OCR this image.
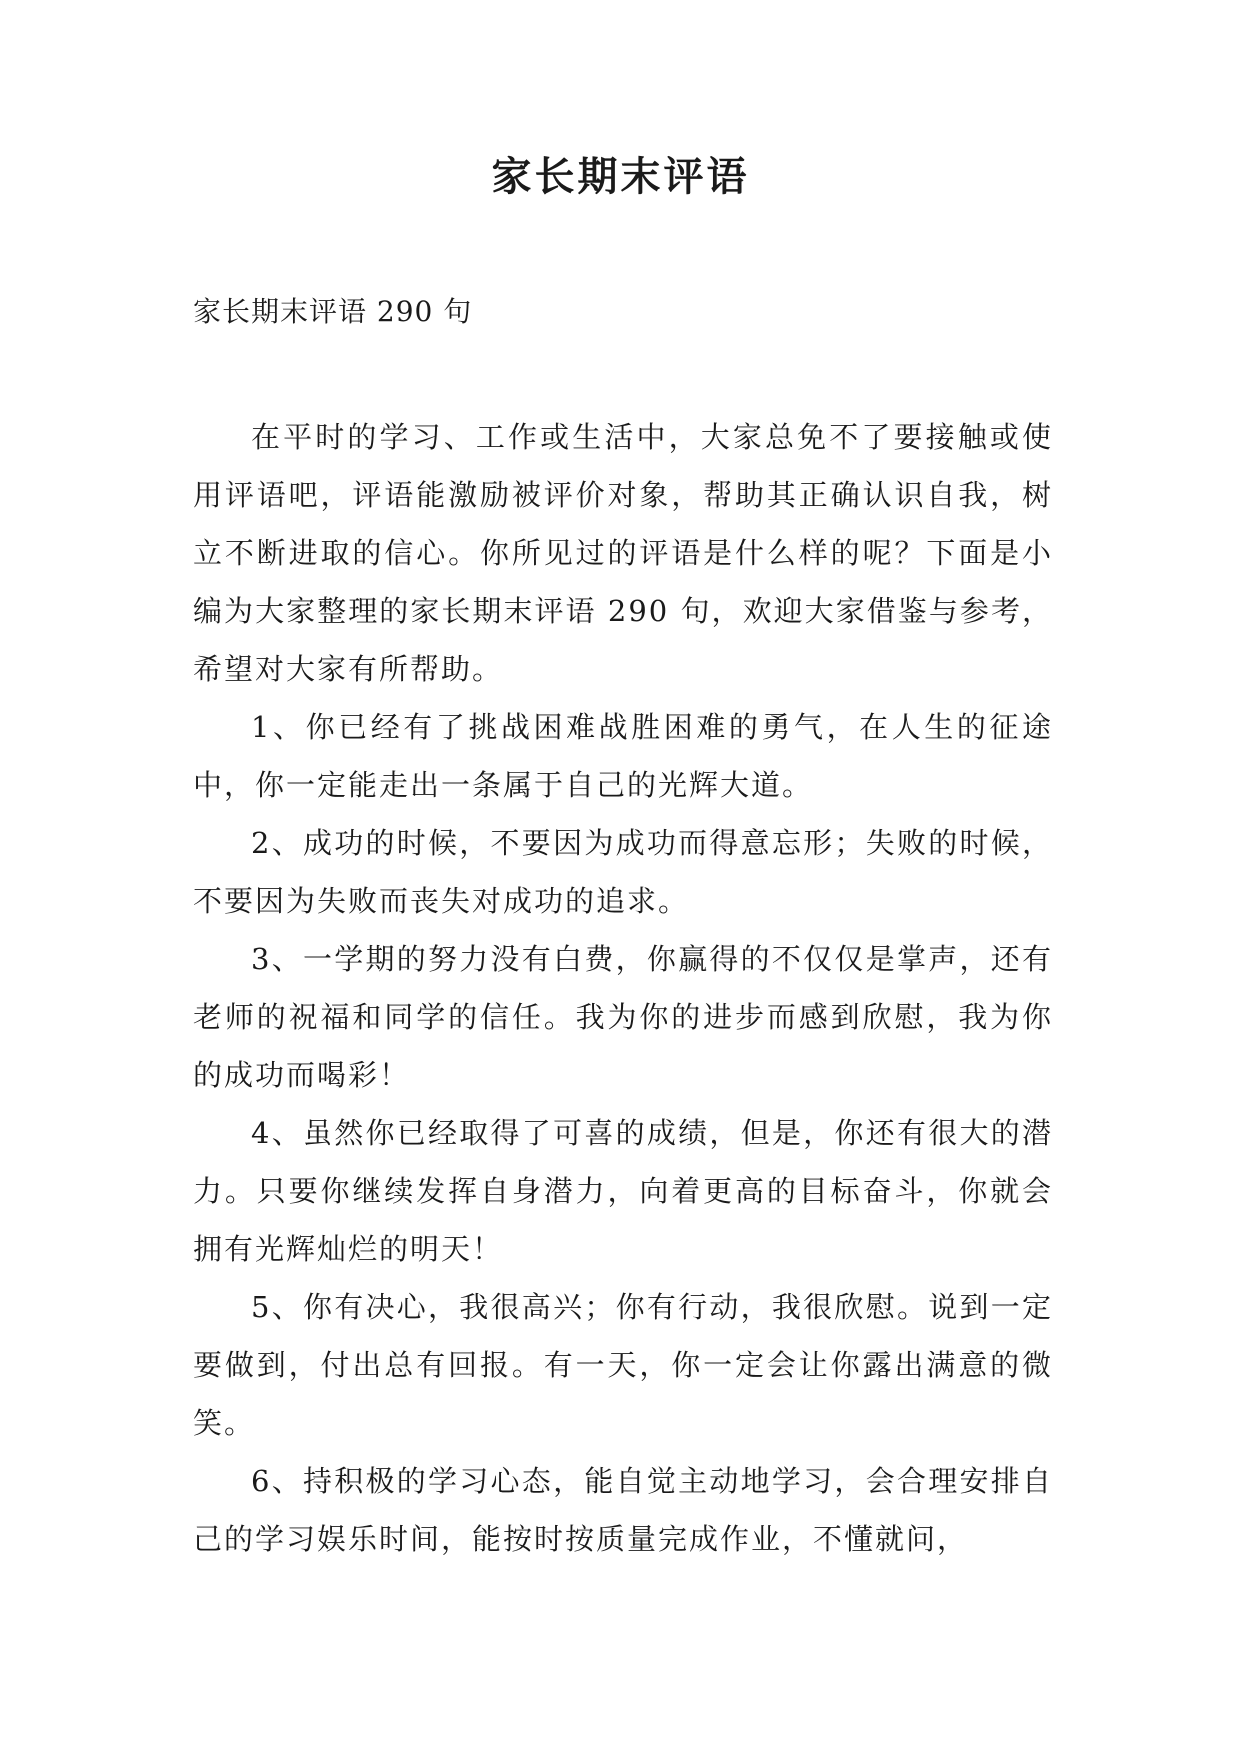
家长期末评语

家长期末评语 290 句

在平时的学习、工作或生活中，大家总免不了要接触或使用评语吧，评语能激励被评价对象，帮助其正确认识自我，树立不断进取的信心。你所见过的评语是什么样的呢？下面是小编为大家整理的家长期末评语 290 句，欢迎大家借鉴与参考，希望对大家有所帮助。

1、你已经有了挑战困难战胜困难的勇气，在人生的征途中，你一定能走出一条属于自己的光辉大道。

2、成功的时候，不要因为成功而得意忘形；失败的时候，不要因为失败而丧失对成功的追求。

3、一学期的努力没有白费，你赢得的不仅仅是掌声，还有老师的祝福和同学的信任。我为你的进步而感到欣慰，我为你的成功而喝彩！

4、虽然你已经取得了可喜的成绩，但是，你还有很大的潜力。只要你继续发挥自身潜力，向着更高的目标奋斗，你就会拥有光辉灿烂的明天！

5、你有决心，我很高兴；你有行动，我很欣慰。说到一定要做到，付出总有回报。有一天，你一定会让你露出满意的微笑。

6、持积极的学习心态，能自觉主动地学习，会合理安排自己的学习娱乐时间，能按时按质量完成作业，不懂就问，
